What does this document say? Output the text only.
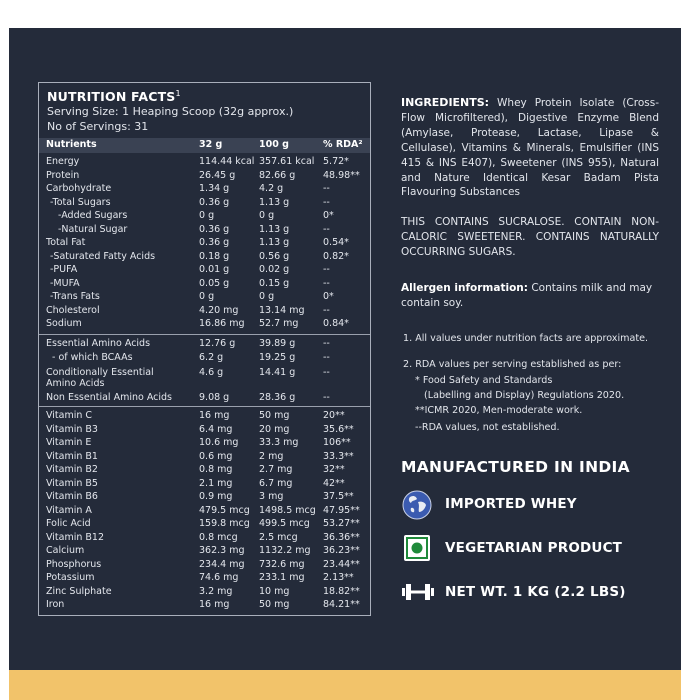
NUTRITION FACTS$^1$
Serving Size: 1 Heaping Scoop (32g approx.)
No of Servings: 31
Nutrients	32 g	100 g	% RDA²
Energy	114.44 kcal 357.61 kcal 5.72*
Protein	26.45 g	82.66 g	48.98**
Carbohydrate	1.34 g	4.2 g	--
-Total Sugars	0.36 g	1.13 g	--
-Added Sugars	0 g	0 g	0*
-Natural Sugar	0.36 g	1.13 g	--
Total Fat	0.36 g	1.13 g	0.54*
-Saturated Fatty Acids	0.18 g	0.56 g	0.82*
-PUFA	0.01 g	0.02 g	--
-MUFA	0.05 g	0.15 g	--
-Trans Fats	0 g	0 g	0*
Cholesterol	4.20 mg 13.14 mg --
Sodium	16.86 mg 52.7 mg	0.84*
Essential Amino Acids	12.76 g	39.89 g	--
- of which BCAAs	6.2 g	19.25 g	--
Conditionally Essential
Amino Acids
4.6 g	14.41 g	--
Non Essential Amino Acids	9.08 g	28.36 g	--
Vitamin C	16 mg	50 mg	20**
Vitamin B3	6.4 mg	20 mg	35.6**
Vitamin E	10.6 mg 33.3 mg	106**
Vitamin B1	0.6 mg	2 mg	33.3**
Vitamin B2	0.8 mg	2.7 mg	32**
Vitamin B5	2.1 mg	6.7 mg	42**
Vitamin B6	0.9 mg	3 mg	37.5**
Vitamin A	479.5 mcg 1498.5 mcg 47.95**
Folic Acid	159.8 mcg 499.5 mcg 53.27**
Vitamin B12	0.8 mcg 2.5 mcg	36.36**
Calcium	362.3 mg 1132.2 mg 36.23**
Phosphorus	234.4 mg 732.6 mg 23.44**
Potassium	74.6 mg 233.1 mg 2.13**
Zinc Sulphate	3.2 mg	10 mg	18.82**
Iron	16 mg	50 mg	84.21**
INGREDIENTS: Whey Protein Isolate (Cross-Flow Microfiltered), Digestive Enzyme Blend (Amylase, Protease, Lactase, Lipase & Cellulase), Vitamins & Minerals, Emulsifier (INS 415 & INS E407), Sweetener (INS 955), Natural and Nature Identical Kesar Badam Pista Flavouring Substances
THIS CONTAINS SUCRALOSE. CONTAIN NON-CALORIC SWEETENER. CONTAINS NATURALLY OCCURRING SUGARS.
Allergen information: Contains milk and may contain soy.
1. All values under nutrition facts are approximate.
2. RDA values per serving established as per:
* Food Safety and Standards
(Labelling and Display) Regulations 2020.
**ICMR 2020, Men-moderate work.
--RDA values, not established.
MANUFACTURED IN INDIA
IMPORTED WHEY
VEGETARIAN PRODUCT
NET WT. 1 KG (2.2 LBS)
